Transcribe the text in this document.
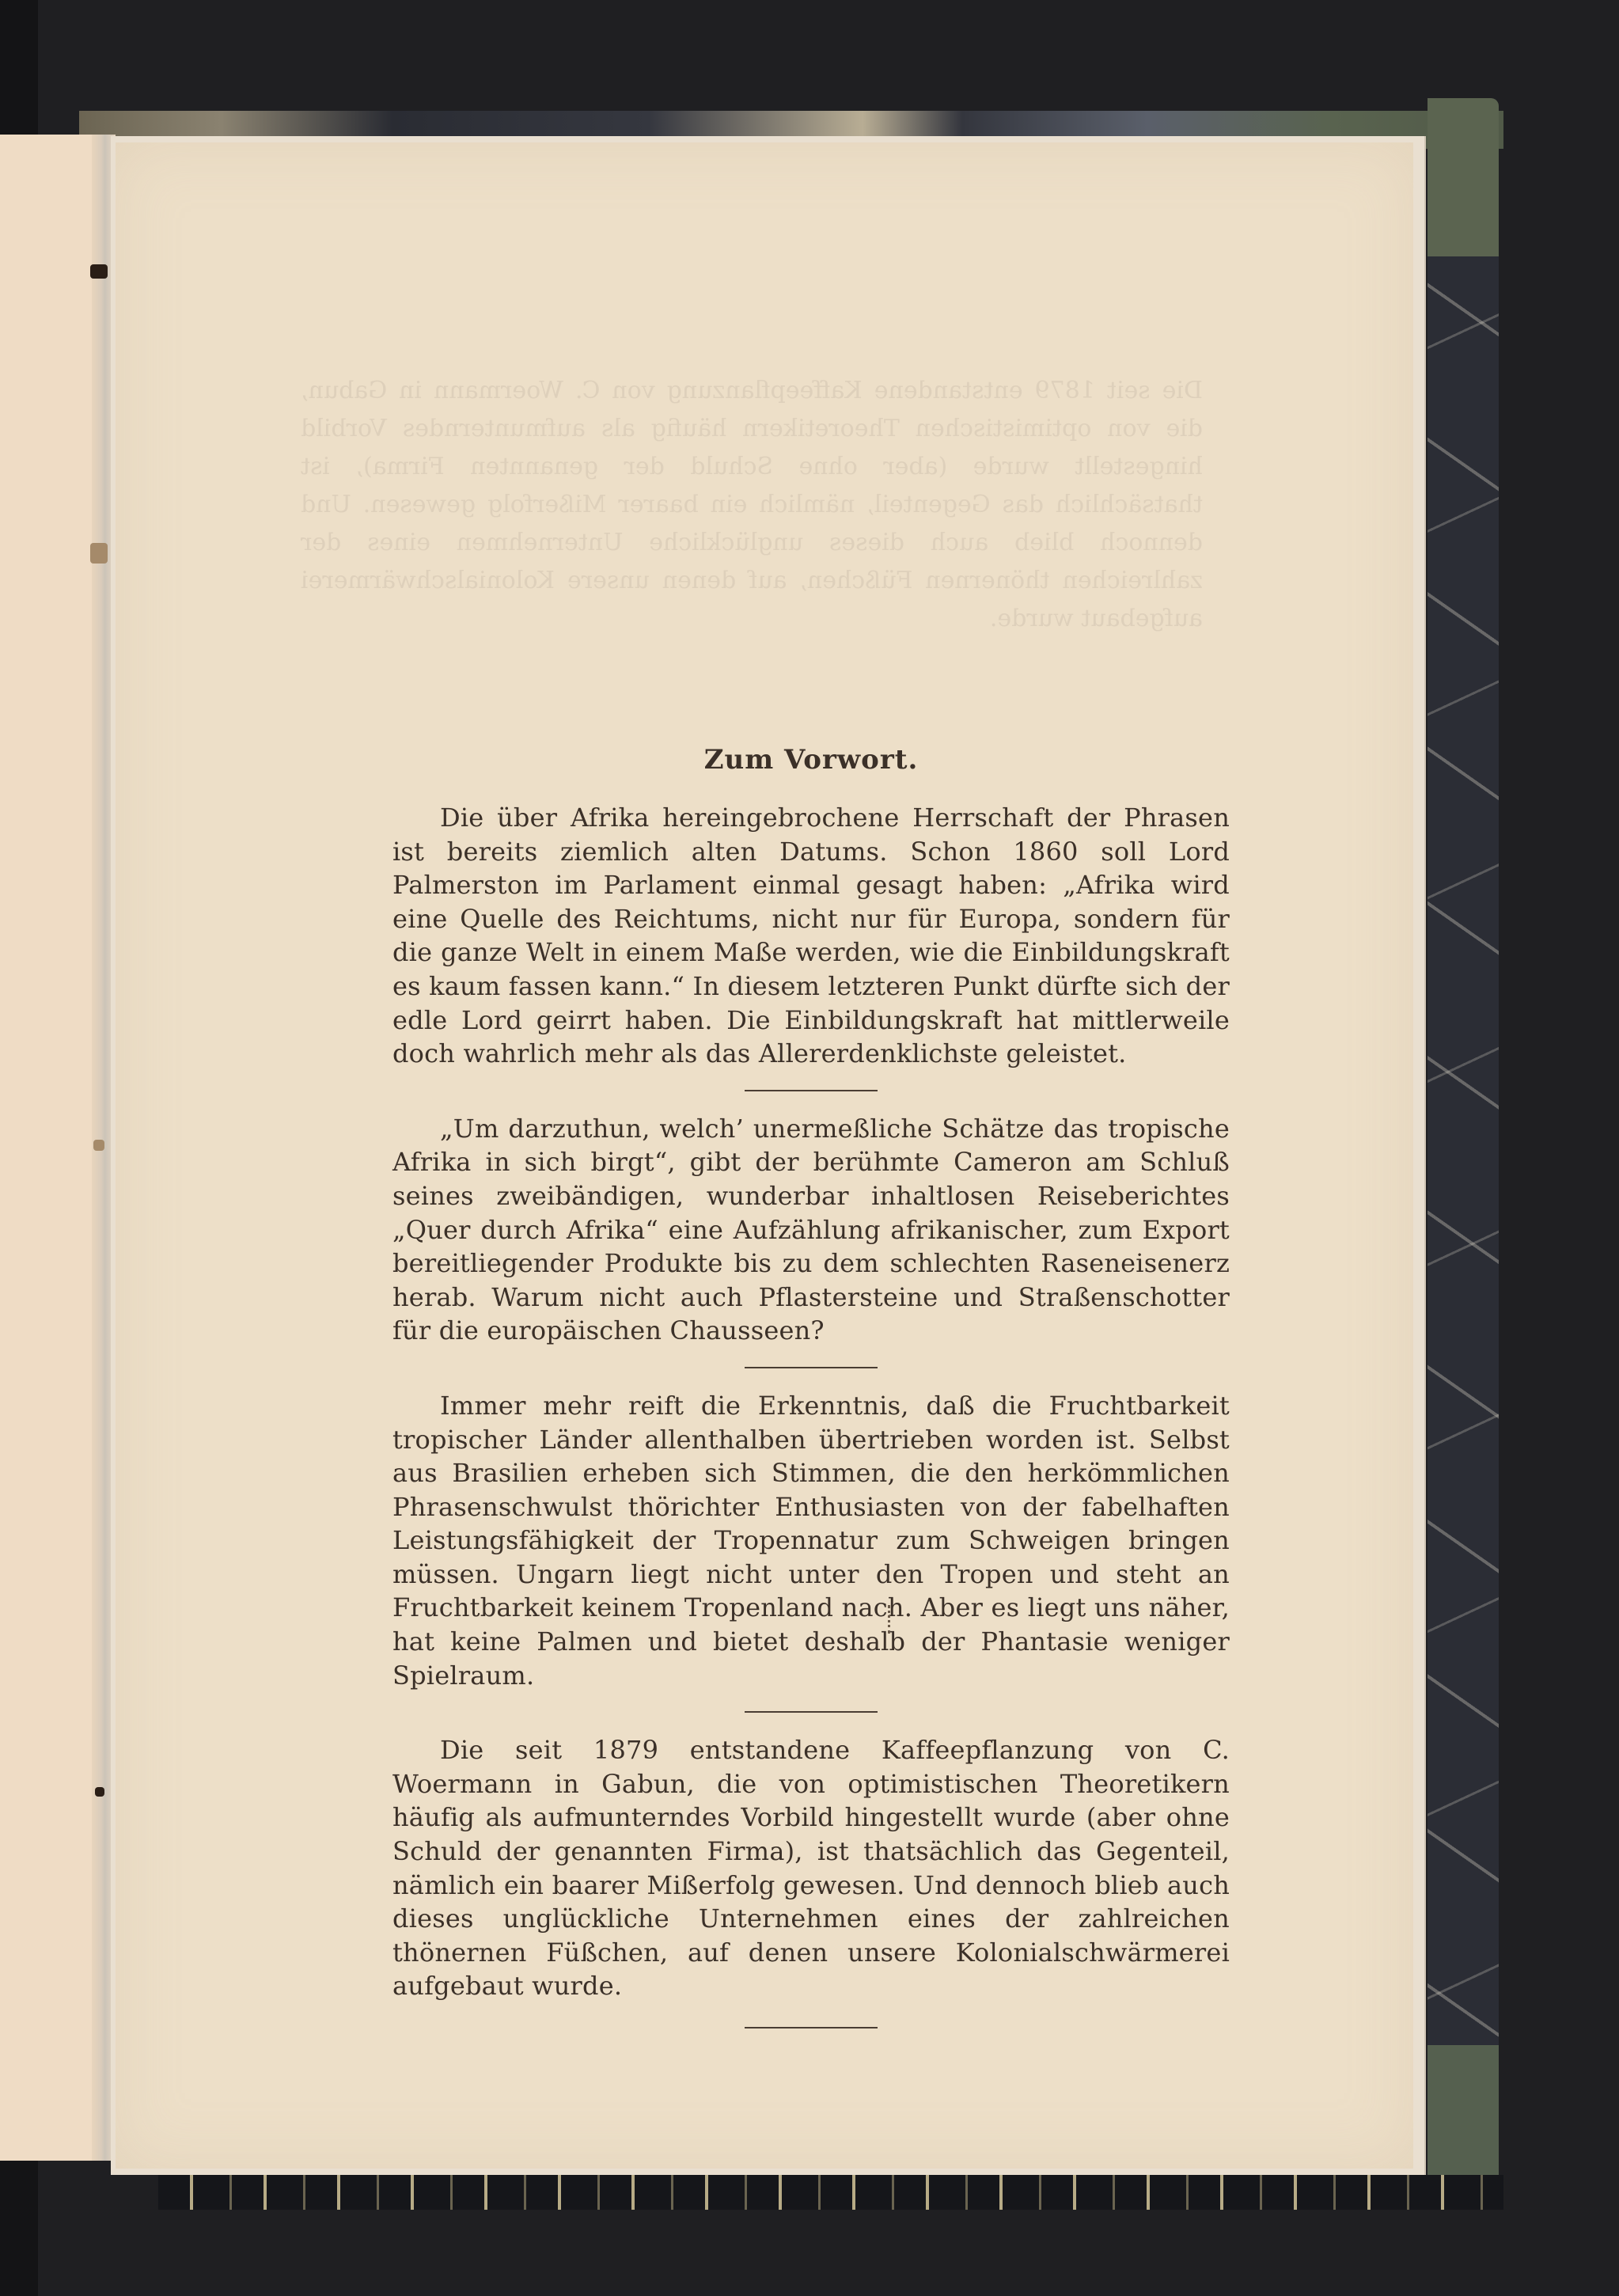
Zum Vorwort.

Die über Afrika hereingebrochene Herrschaft der Phrasen ist bereits ziemlich alten Datums. Schon 1860 soll Lord Palmerston im Parlament einmal gesagt haben: „Afrika wird eine Quelle des Reichtums, nicht nur für Europa, sondern für die ganze Welt in einem Maße werden, wie die Einbildungskraft es kaum fassen kann.“ In diesem letzteren Punkt dürfte sich der edle Lord geirrt haben. Die Einbildungskraft hat mittlerweile doch wahrlich mehr als das Allererdenklichste geleistet.

„Um darzuthun, welch’ unermeßliche Schätze das tropische Afrika in sich birgt“, gibt der berühmte Cameron am Schluß seines zweibändigen, wunderbar inhaltlosen Reiseberichtes „Quer durch Afrika“ eine Aufzählung afrikanischer, zum Export bereitliegender Produkte bis zu dem schlechten Raseneisenerz herab. Warum nicht auch Pflastersteine und Straßenschotter für die europäischen Chausseen?

Immer mehr reift die Erkenntnis, daß die Fruchtbarkeit tropischer Länder allenthalben übertrieben worden ist. Selbst aus Brasilien erheben sich Stimmen, die den herkömmlichen Phrasenschwulst thörichter Enthusiasten von der fabelhaften Leistungsfähigkeit der Tropennatur zum Schweigen bringen müssen. Ungarn liegt nicht unter den Tropen und steht an Fruchtbarkeit keinem Tropenland nach. Aber es liegt uns näher, hat keine Palmen und bietet deshalb der Phantasie weniger Spielraum.

Die seit 1879 entstandene Kaffeepflanzung von C. Woermann in Gabun, die von optimistischen Theoretikern häufig als aufmunterndes Vorbild hingestellt wurde (aber ohne Schuld der genannten Firma), ist thatsächlich das Gegenteil, nämlich ein baarer Mißerfolg gewesen. Und dennoch blieb auch dieses unglückliche Unternehmen eines der zahlreichen thönernen Füßchen, auf denen unsere Kolonialschwärmerei aufgebaut wurde.
